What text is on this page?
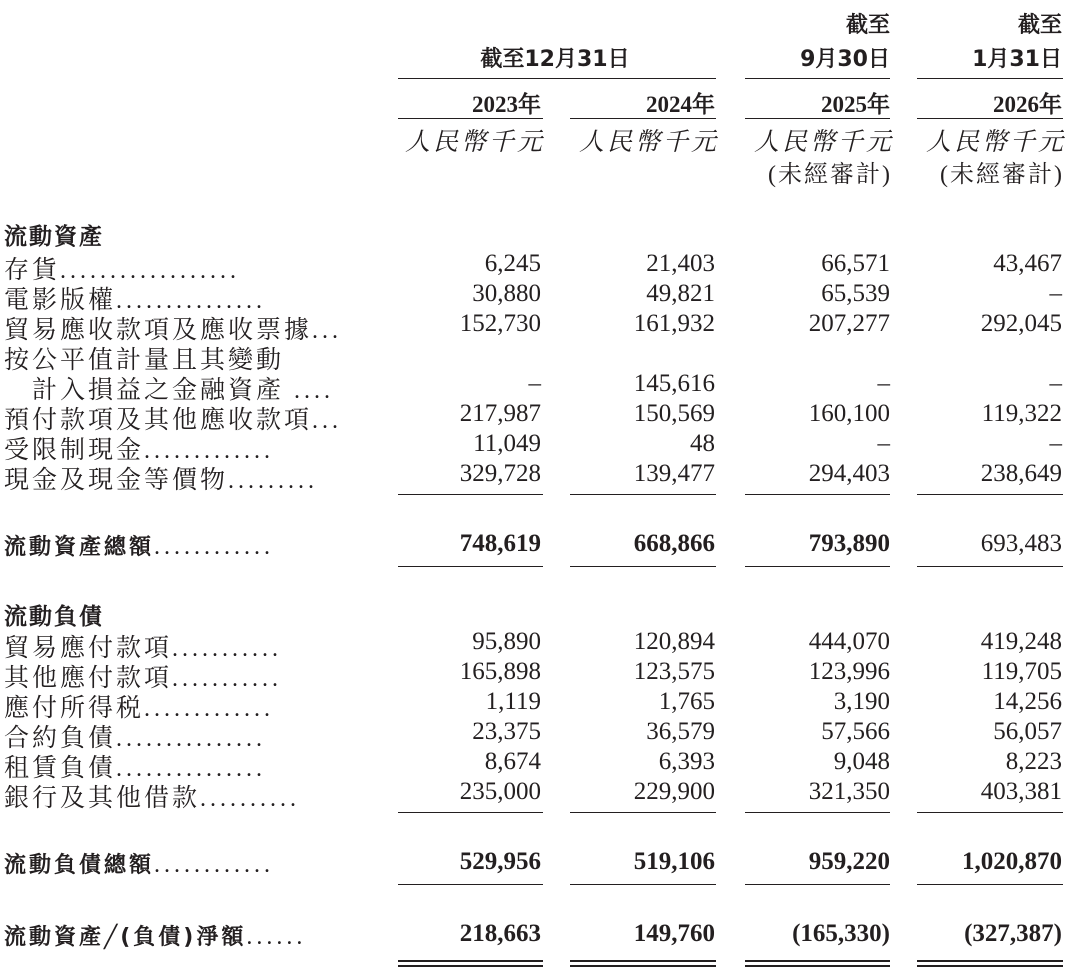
截至	截至
截至12月31日	9月30日	1月31日
2023年	2024年	2025年	2026年
人民幣千元 人民幣千元 人民幣千元 人民幣千元
(未經審計) (未經審計)
流動資產
存貨..................	6,245	21,403	66,571	43,467
電影版權...............	30,880	49,821	65,539	–
貿易應收款項及應收票據...	152,730	161,932	207,277	292,045
按公平值計量且其變動
　計入損益之金融資產 ....	–	145,616	–	–
預付款項及其他應收款項...	217,987	150,569	160,100	119,322
受限制現金.............	11,049	48	–	–
現金及現金等價物.........	329,728	139,477	294,403	238,649
流動資產總額............	748,619	668,866	793,890	693,483
流動負債
貿易應付款項...........	95,890	120,894	444,070	419,248
其他應付款項...........	165,898	123,575	123,996	119,705
應付所得税.............	1,119	1,765	3,190	14,256
合約負債...............	23,375	36,579	57,566	56,057
租賃負債...............	8,674	6,393	9,048	8,223
銀行及其他借款..........	235,000	229,900	321,350	403,381
流動負債總額............	529,956	519,106	959,220	1,020,870
流動資產╱(負債)淨額......	218,663	149,760	(165,330)	(327,387)
